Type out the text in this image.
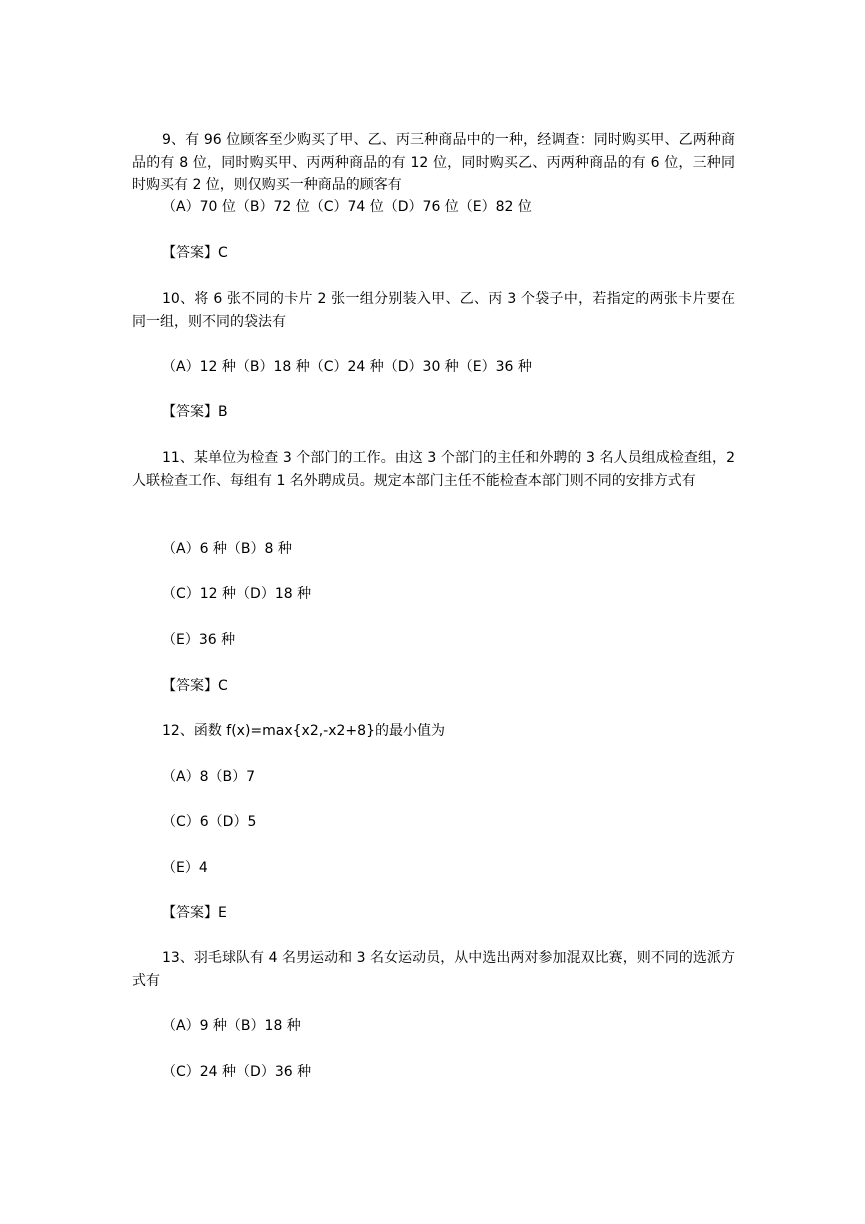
9、有 96 位顾客至少购买了甲、乙、丙三种商品中的一种，经调查：同时购买甲、乙两种商品的有 8 位，同时购买甲、丙两种商品的有 12 位，同时购买乙、丙两种商品的有 6 位，三种同时购买有 2 位，则仅购买一种商品的顾客有
（A）70 位（B）72 位（C）74 位（D）76 位（E）82 位
【答案】C
10、将 6 张不同的卡片 2 张一组分别装入甲、乙、丙 3 个袋子中，若指定的两张卡片要在同一组，则不同的袋法有
（A）12 种（B）18 种（C）24 种（D）30 种（E）36 种
【答案】B
11、某单位为检查 3 个部门的工作。由这 3 个部门的主任和外聘的 3 名人员组成检查组，2 人联检查工作、每组有 1 名外聘成员。规定本部门主任不能检查本部门则不同的安排方式有
（A）6 种（B）8 种
（C）12 种（D）18 种
（E）36 种
【答案】C
12、函数 f(x)=max{x2,-x2+8}的最小值为
（A）8（B）7
（C）6（D）5
（E）4
【答案】E
13、羽毛球队有 4 名男运动和 3 名女运动员，从中选出两对参加混双比赛，则不同的选派方式有
（A）9 种（B）18 种
（C）24 种（D）36 种
